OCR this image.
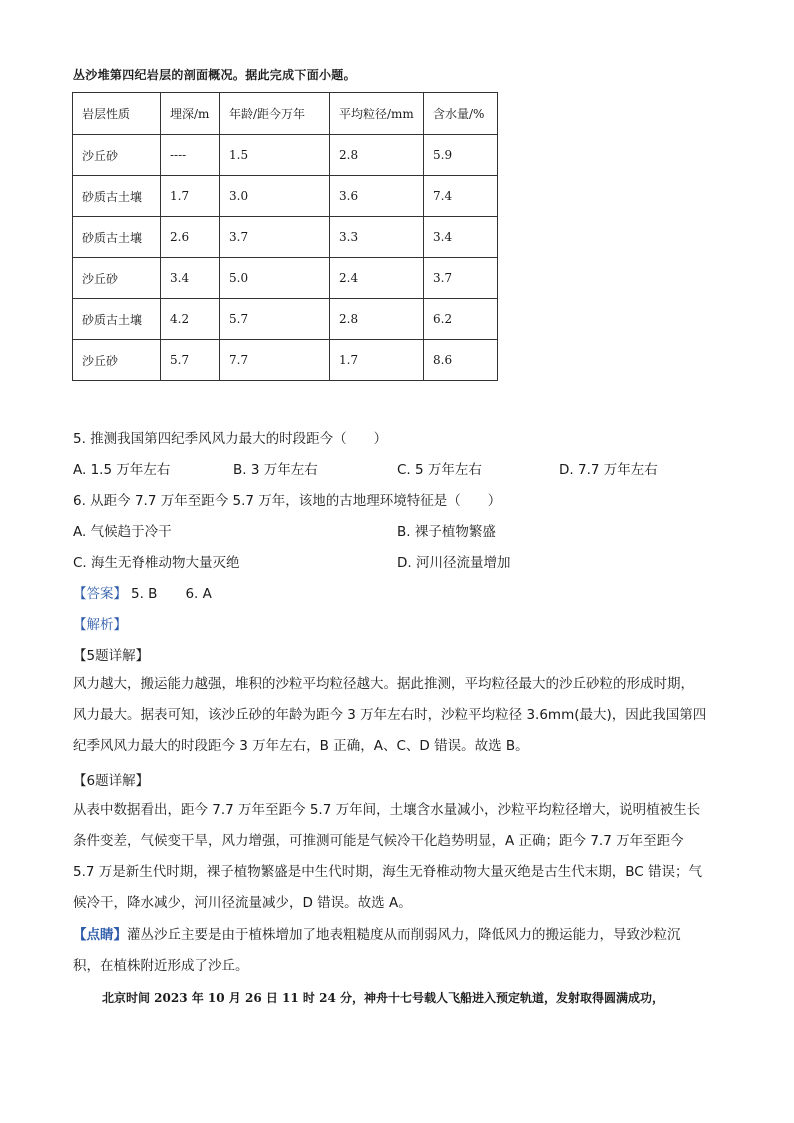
丛沙堆第四纪岩层的剖面概况。据此完成下面小题。
岩层性质	埋深/m	年龄/距今万年	平均粒径/mm	含水量/%
沙丘砂	----	1.5	2.8	5.9
砂质古土壤	1.7	3.0	3.6	7.4
砂质古土壤	2.6	3.7	3.3	3.4
沙丘砂	3.4	5.0	2.4	3.7
砂质古土壤	4.2	5.7	2.8	6.2
沙丘砂	5.7	7.7	1.7	8.6
5. 推测我国第四纪季风风力最大的时段距今（　　）
A. 1.5 万年左右	B. 3 万年左右	C. 5 万年左右	D. 7.7 万年左右
6. 从距今 7.7 万年至距今 5.7 万年，该地的古地理环境特征是（　　）
A. 气候趋于冷干	B. 裸子植物繁盛
C. 海生无脊椎动物大量灭绝	D. 河川径流量增加
【答案】 5. B 6. A
【解析】
【5题详解】
风力越大，搬运能力越强，堆积的沙粒平均粒径越大。据此推测，平均粒径最大的沙丘砂粒的形成时期，
风力最大。据表可知，该沙丘砂的年龄为距今 3 万年左右时，沙粒平均粒径 3.6mm(最大)，因此我国第四
纪季风风力最大的时段距今 3 万年左右，B 正确，A、C、D 错误。故选 B。
【6题详解】
从表中数据看出，距今 7.7 万年至距今 5.7 万年间，土壤含水量减小，沙粒平均粒径增大，说明植被生长
条件变差，气候变干旱，风力增强，可推测可能是气候冷干化趋势明显，A 正确；距今 7.7 万年至距今
5.7 万是新生代时期，裸子植物繁盛是中生代时期，海生无脊椎动物大量灭绝是古生代末期，BC 错误；气
候冷干，降水减少，河川径流量减少，D 错误。故选 A。
【点睛】灌丛沙丘主要是由于植株增加了地表粗糙度从而削弱风力，降低风力的搬运能力，导致沙粒沉
积，在植株附近形成了沙丘。
北京时间 2023 年 10 月 26 日 11 时 24 分，神舟十七号载人飞船进入预定轨道，发射取得圆满成功，
